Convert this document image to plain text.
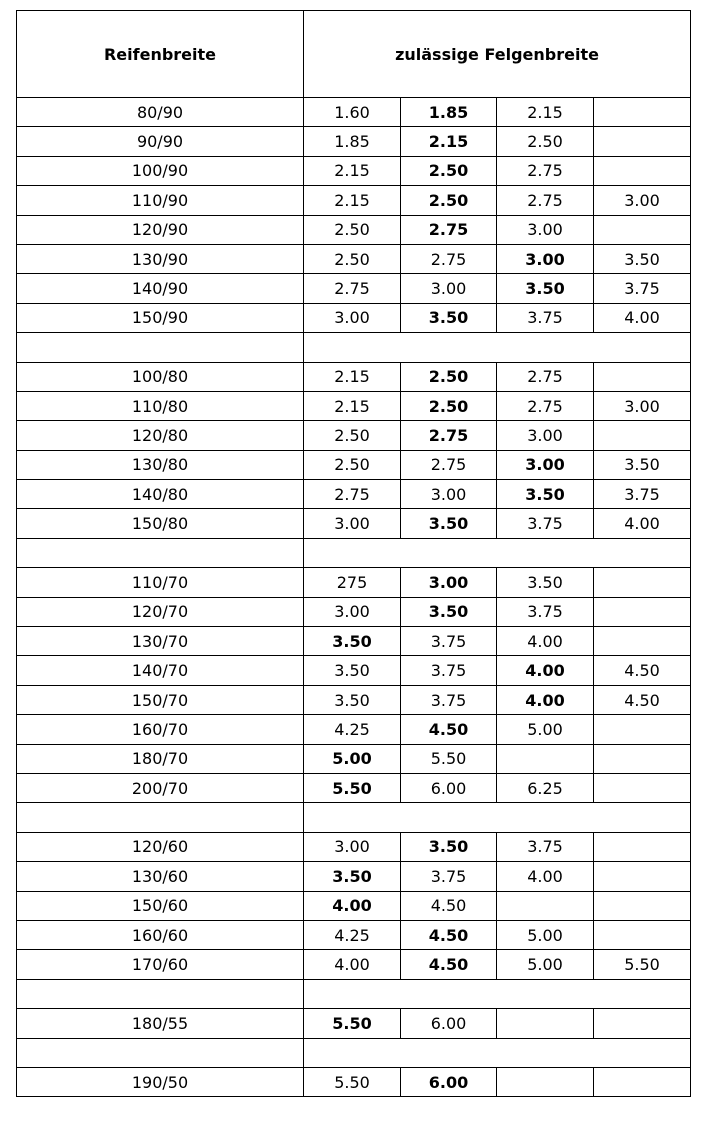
Reifenbreite	zulässige Felgenbreite			
80/90	1.60	1.85	2.15	
90/90	1.85	2.15	2.50	
100/90	2.15	2.50	2.75	
110/90	2.15	2.50	2.75	3.00
120/90	2.50	2.75	3.00	
130/90	2.50	2.75	3.00	3.50
140/90	2.75	3.00	3.50	3.75
150/90	3.00	3.50	3.75	4.00

100/80	2.15	2.50	2.75	
110/80	2.15	2.50	2.75	3.00
120/80	2.50	2.75	3.00	
130/80	2.50	2.75	3.00	3.50
140/80	2.75	3.00	3.50	3.75
150/80	3.00	3.50	3.75	4.00

110/70	275	3.00	3.50	
120/70	3.00	3.50	3.75	
130/70	3.50	3.75	4.00	
140/70	3.50	3.75	4.00	4.50
150/70	3.50	3.75	4.00	4.50
160/70	4.25	4.50	5.00	
180/70	5.00	5.50		
200/70	5.50	6.00	6.25	

120/60	3.00	3.50	3.75	
130/60	3.50	3.75	4.00	
150/60	4.00	4.50		
160/60	4.25	4.50	5.00	
170/60	4.00	4.50	5.00	5.50

180/55	5.50	6.00		

190/50	5.50	6.00		
